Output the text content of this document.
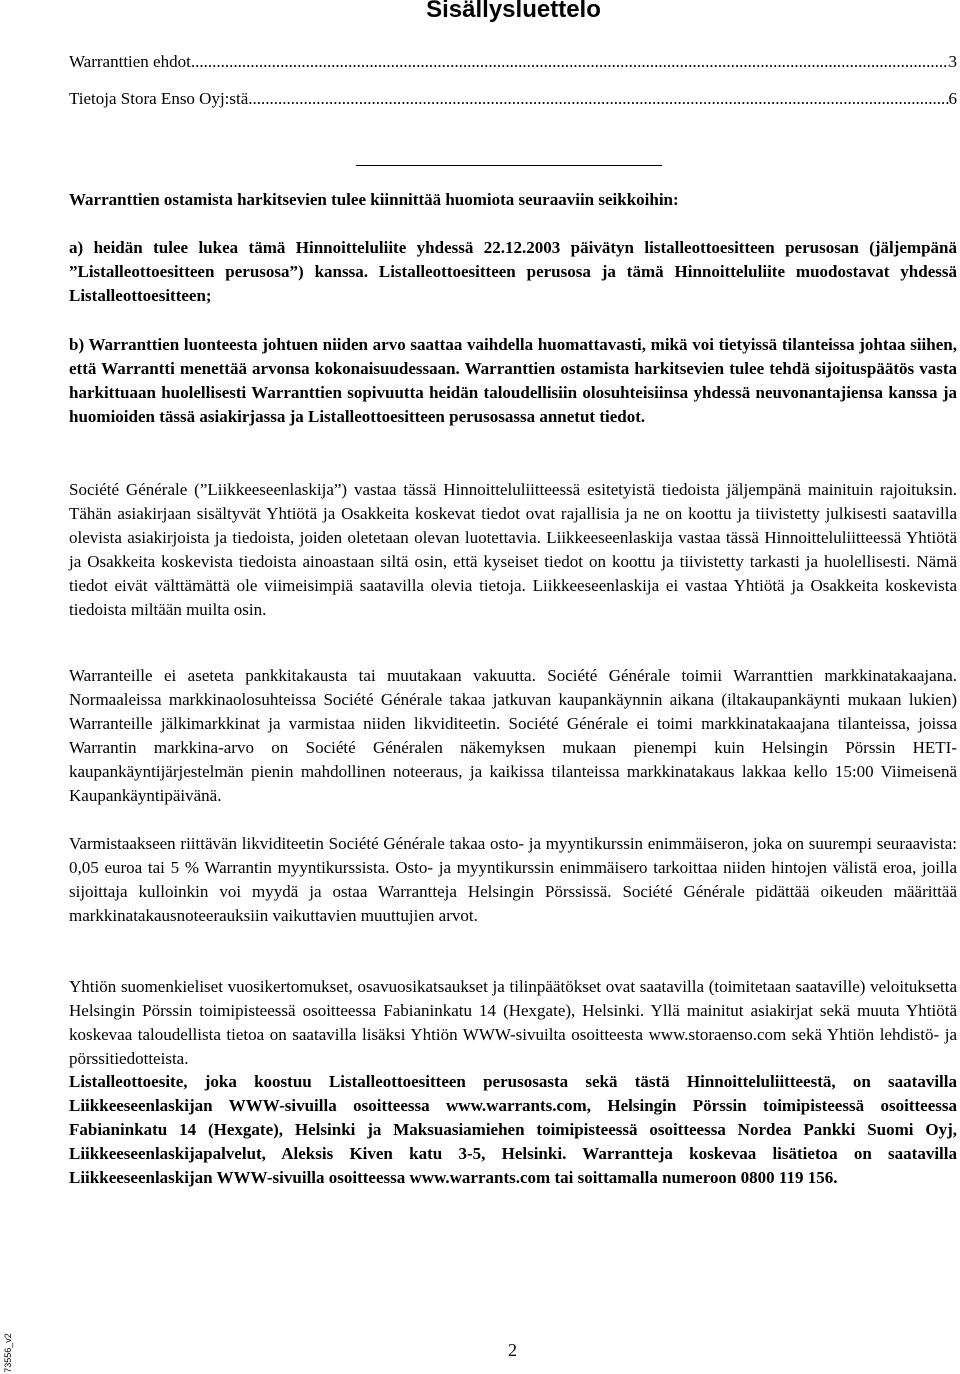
Sisällysluettelo
Warranttien ehdot .....	3
Tietoja Stora Enso Oyj:stä .....	6

Warranttien ostamista harkitsevien tulee kiinnittää huomiota seuraaviin seikkoihin:

a) heidän tulee lukea tämä Hinnoitteluliite yhdessä 22.12.2003 päivätyn listalleottoesitteen perusosan (jäljempänä ”Listalleottoesitteen perusosa”) kanssa. Listalleottoesitteen perusosa ja tämä Hinnoitteluliite muodostavat yhdessä Listalleottoesitteen;

b) Warranttien luonteesta johtuen niiden arvo saattaa vaihdella huomattavasti, mikä voi tietyissä tilanteissa johtaa siihen, että Warrantti menettää arvonsa kokonaisuudessaan. Warranttien ostamista harkitsevien tulee tehdä sijoituspäätös vasta harkittuaan huolellisesti Warranttien sopivuutta heidän taloudellisiin olosuhteisiinsa yhdessä neuvonantajiensa kanssa ja huomioiden tässä asiakirjassa ja Listalleottoesitteen perusosassa annetut tiedot.

Société Générale (”Liikkeeseenlaskija”) vastaa tässä Hinnoitteluliitteessä esitetyistä tiedoista jäljempänä mainituin rajoituksin. Tähän asiakirjaan sisältyvät Yhtiötä ja Osakkeita koskevat tiedot ovat rajallisia ja ne on koottu ja tiivistetty julkisesti saatavilla olevista asiakirjoista ja tiedoista, joiden oletetaan olevan luotettavia. Liikkeeseenlaskija vastaa tässä Hinnoitteluliitteessä Yhtiötä ja Osakkeita koskevista tiedoista ainoastaan siltä osin, että kyseiset tiedot on koottu ja tiivistetty tarkasti ja huolellisesti. Nämä tiedot eivät välttämättä ole viimeisimpiä saatavilla olevia tietoja. Liikkeeseenlaskija ei vastaa Yhtiötä ja Osakkeita koskevista tiedoista miltään muilta osin.

Warranteille ei aseteta pankkitakausta tai muutakaan vakuutta. Société Générale toimii Warranttien markkinatakaajana. Normaaleissa markkinaolosuhteissa Société Générale takaa jatkuvan kaupankäynnin aikana (iltakaupankäynti mukaan lukien) Warranteille jälkimarkkinat ja varmistaa niiden likviditeetin. Société Générale ei toimi markkinatakaajana tilanteissa, joissa Warrantin markkina-arvo on Société Généralen näkemyksen mukaan pienempi kuin Helsingin Pörssin HETI-kaupankäyntijärjestelmän pienin mahdollinen noteeraus, ja kaikissa tilanteissa markkinatakaus lakkaa kello 15:00 Viimeisenä Kaupankäyntipäivänä.

Varmistaakseen riittävän likviditeetin Société Générale takaa osto- ja myyntikurssin enimmäiseron, joka on suurempi seuraavista: 0,05 euroa tai 5 % Warrantin myyntikurssista. Osto- ja myyntikurssin enimmäisero tarkoittaa niiden hintojen välistä eroa, joilla sijoittaja kulloinkin voi myydä ja ostaa Warrantteja Helsingin Pörssissä. Société Générale pidättää oikeuden määrittää markkinatakausnoteerauksiin vaikuttavien muuttujien arvot.

Yhtiön suomenkieliset vuosikertomukset, osavuosikatsaukset ja tilinpäätökset ovat saatavilla (toimitetaan saataville) veloituksetta Helsingin Pörssin toimipisteessä osoitteessa Fabianinkatu 14 (Hexgate), Helsinki. Yllä mainitut asiakirjat sekä muuta Yhtiötä koskevaa taloudellista tietoa on saatavilla lisäksi Yhtiön WWW-sivuilta osoitteesta www.storaenso.com sekä Yhtiön lehdistö- ja pörssitiedotteista.

Listalleottoesite, joka koostuu Listalleottoesitteen perusosasta sekä tästä Hinnoitteluliitteestä, on saatavilla Liikkeeseenlaskijan WWW-sivuilla osoitteessa www.warrants.com, Helsingin Pörssin toimipisteessä osoitteessa Fabianinkatu 14 (Hexgate), Helsinki ja Maksuasiamiehen toimipisteessä osoitteessa Nordea Pankki Suomi Oyj, Liikkeeseenlaskijapalvelut, Aleksis Kiven katu 3-5, Helsinki. Warrantteja koskevaa lisätietoa on saatavilla Liikkeeseenlaskijan WWW-sivuilla osoitteessa www.warrants.com tai soittamalla numeroon 0800 119 156.

2
73556_v2
